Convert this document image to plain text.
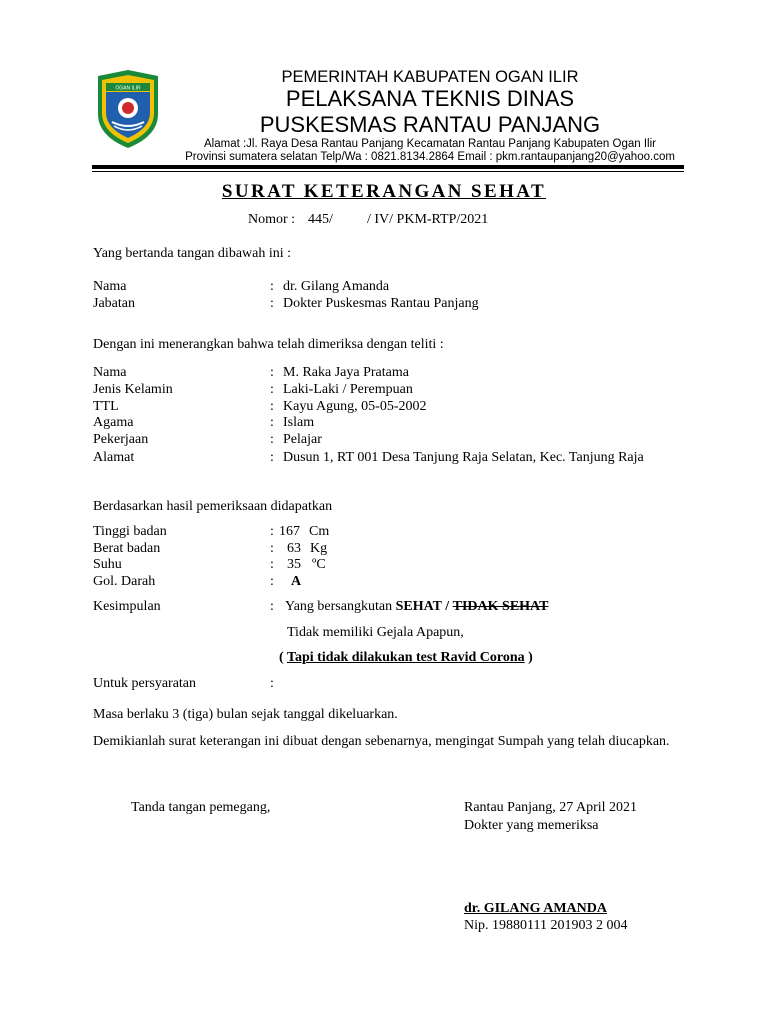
OGAN ILIR
PEMERINTAH KABUPATEN OGAN ILIR
PELAKSANA TEKNIS DINAS
PUSKESMAS RANTAU PANJANG
Alamat :Jl. Raya Desa Rantau Panjang Kecamatan Rantau Panjang Kabupaten Ogan Ilir
Provinsi sumatera selatan Telp/Wa : 0821.8134.2864 Email : pkm.rantaupanjang20@yahoo.com
SURAT KETERANGAN SEHAT
Nomor : 445/ / IV/ PKM-RTP/2021
Yang bertanda tangan dibawah ini :
Nama	: dr. Gilang Amanda
Jabatan	: Dokter Puskesmas Rantau Panjang
Dengan ini menerangkan bahwa telah dimeriksa dengan teliti :
Nama	: M. Raka Jaya Pratama
Jenis Kelamin	: Laki-Laki / Perempuan
TTL	: Kayu Agung, 05-05-2002
Agama	: Islam
Pekerjaan	: Pelajar
Alamat	: Dusun 1, RT 001 Desa Tanjung Raja Selatan, Kec. Tanjung Raja
Berdasarkan hasil pemeriksaan didapatkan
Tinggi badan	: 167 Cm
Berat badan	: 63 Kg
Suhu	: 35 ºC
Gol. Darah	: A
Kesimpulan	: Yang bersangkutan SEHAT / TIDAK SEHAT
Tidak memiliki Gejala Apapun,
( Tapi tidak dilakukan test Ravid Corona )
Untuk persyaratan	:
Masa berlaku 3 (tiga) bulan sejak tanggal dikeluarkan.
Demikianlah surat keterangan ini dibuat dengan sebenarnya, mengingat Sumpah yang telah diucapkan.
Tanda tangan pemegang,	Rantau Panjang, 27 April 2021
Dokter yang memeriksa
dr. GILANG AMANDA
Nip. 19880111 201903 2 004
